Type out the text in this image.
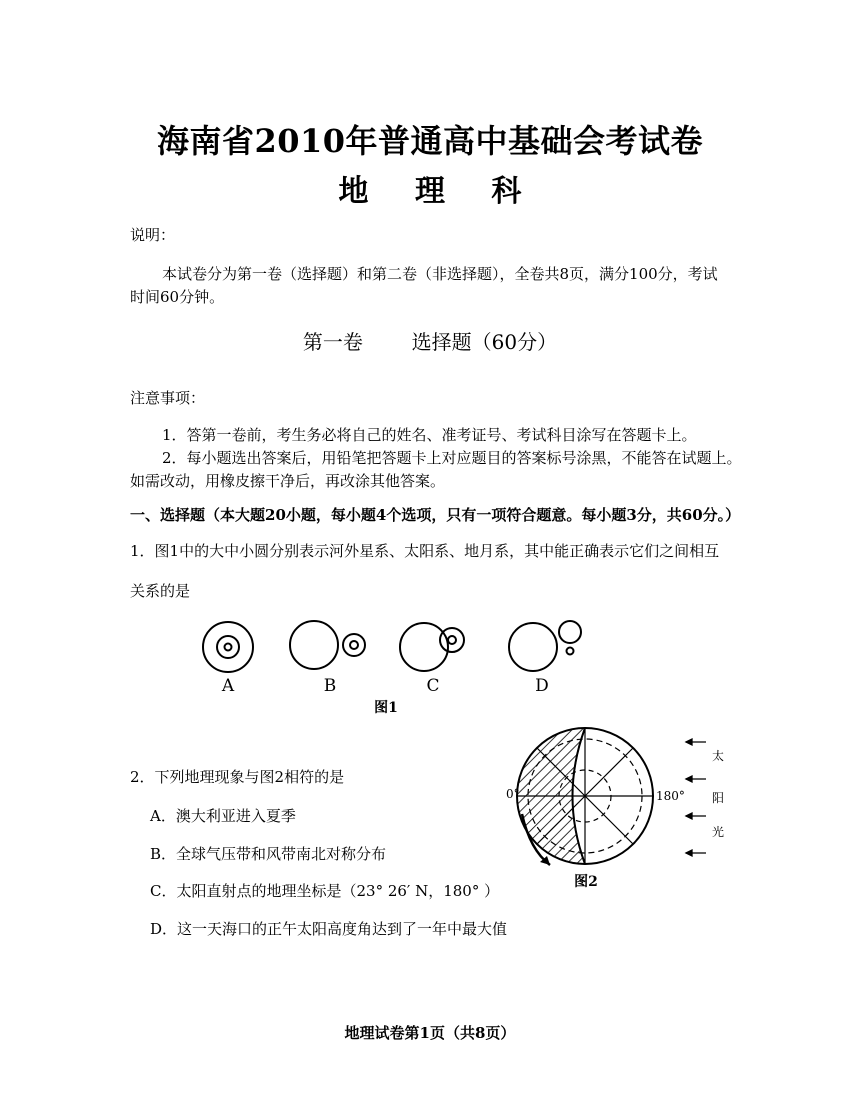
海南省2010年普通高中基础会考试卷
地 理 科
说明：
本试卷分为第一卷（选择题）和第二卷（非选择题），全卷共8页，满分100分，考试
时间60分钟。
第一卷 选择题（60分）
注意事项：
1．答第一卷前，考生务必将自己的姓名、准考证号、考试科目涂写在答题卡上。
2．每小题选出答案后，用铅笔把答题卡上对应题目的答案标号涂黑，不能答在试题上。
如需改动，用橡皮擦干净后，再改涂其他答案。
一、选择题（本大题20小题，每小题4个选项，只有一项符合题意。每小题3分，共60分。）
1．图1中的大中小圆分别表示河外星系、太阳系、地月系，其中能正确表示它们之间相互
关系的是
A	B	C	D
图1
2．下列地理现象与图2相符的是
A．澳大利亚进入夏季
B．全球气压带和风带南北对称分布
C．太阳直射点的地理坐标是（23° 26′ N，180° ）
D．这一天海口的正午太阳高度角达到了一年中最大值
0°	180°
太
阳
光
图2
地理试卷第1页（共8页）
